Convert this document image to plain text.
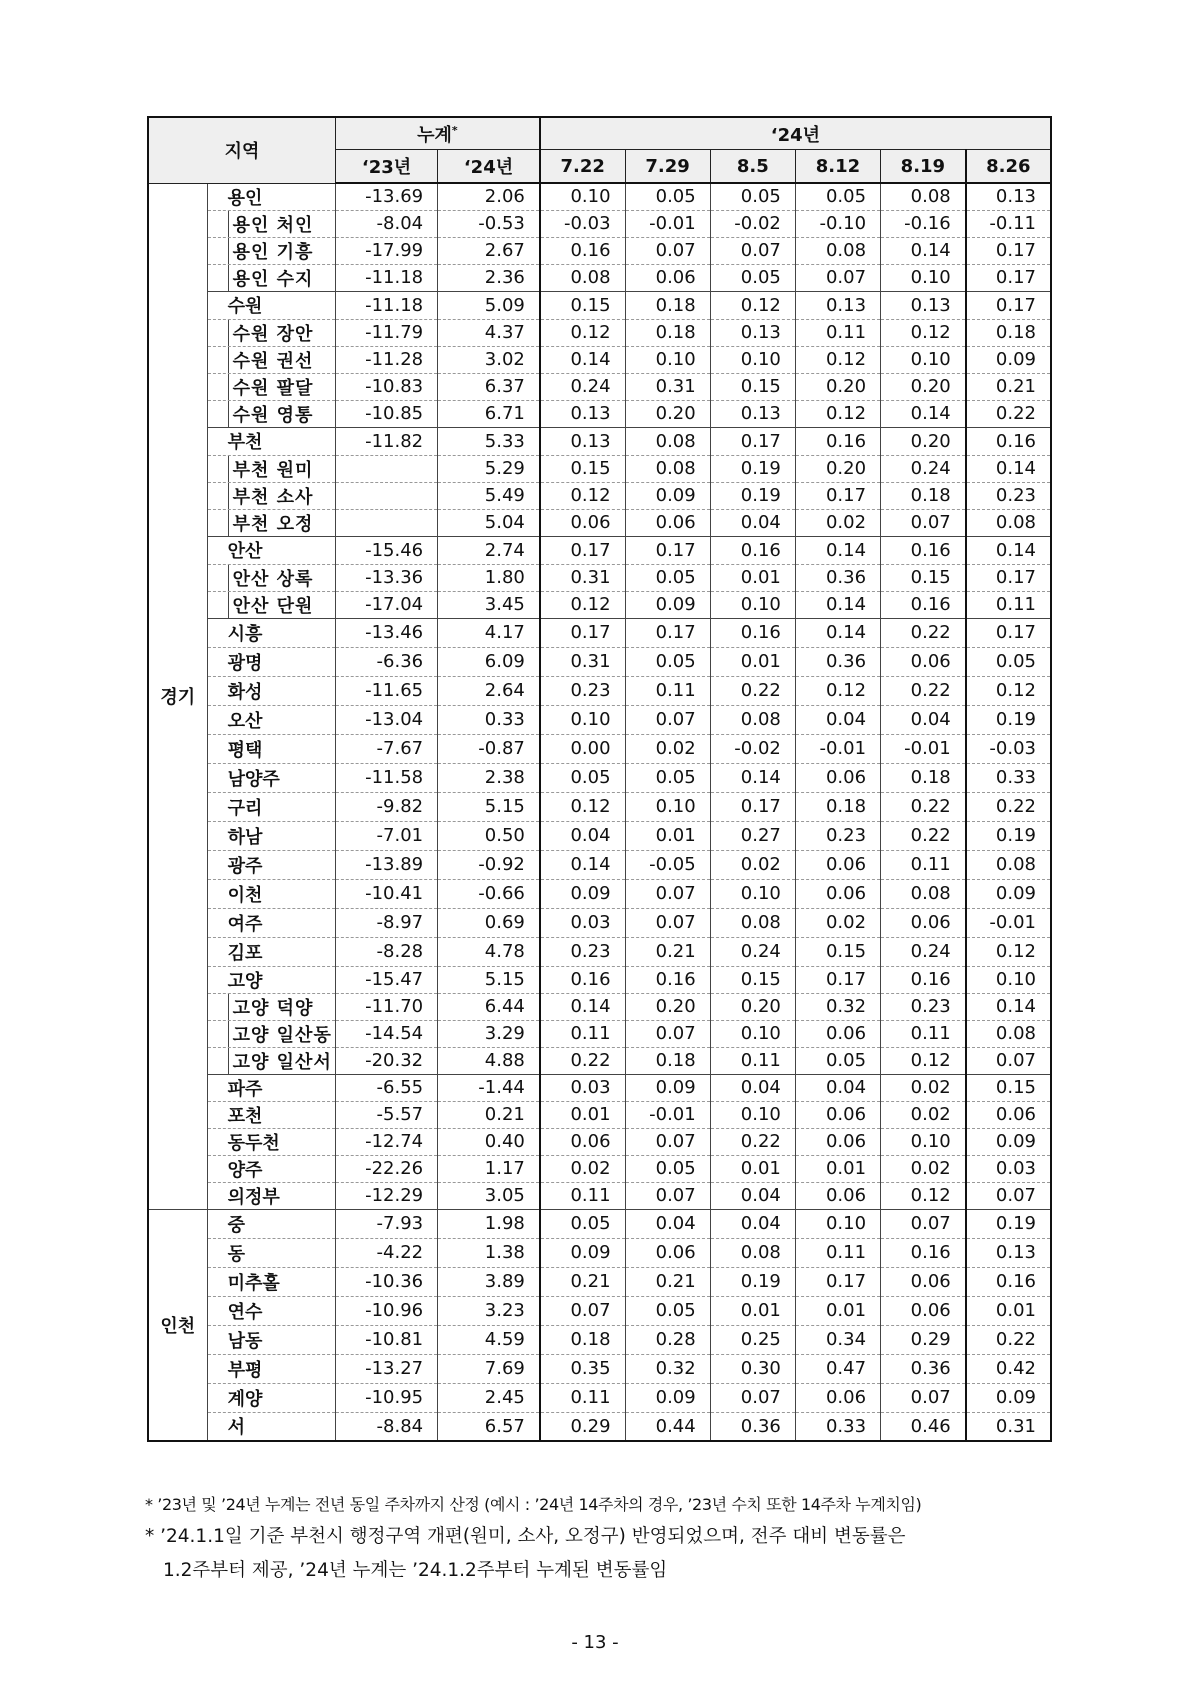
지역		누계*		‘24년					
		‘23년	‘24년	7.22	7.29	8.5	8.12	8.19	8.26
경기	용인	-13.69	2.06	0.10	0.05	0.05	0.05	0.08	0.13
	용인 처인	-8.04	-0.53	-0.03	-0.01	-0.02	-0.10	-0.16	-0.11
	용인 기흥	-17.99	2.67	0.16	0.07	0.07	0.08	0.14	0.17
	용인 수지	-11.18	2.36	0.08	0.06	0.05	0.07	0.10	0.17
	수원	-11.18	5.09	0.15	0.18	0.12	0.13	0.13	0.17
	수원 장안	-11.79	4.37	0.12	0.18	0.13	0.11	0.12	0.18
	수원 권선	-11.28	3.02	0.14	0.10	0.10	0.12	0.10	0.09
	수원 팔달	-10.83	6.37	0.24	0.31	0.15	0.20	0.20	0.21
	수원 영통	-10.85	6.71	0.13	0.20	0.13	0.12	0.14	0.22
	부천	-11.82	5.33	0.13	0.08	0.17	0.16	0.20	0.16
	부천 원미		5.29	0.15	0.08	0.19	0.20	0.24	0.14
	부천 소사		5.49	0.12	0.09	0.19	0.17	0.18	0.23
	부천 오정		5.04	0.06	0.06	0.04	0.02	0.07	0.08
	안산	-15.46	2.74	0.17	0.17	0.16	0.14	0.16	0.14
	안산 상록	-13.36	1.80	0.31	0.05	0.01	0.36	0.15	0.17
	안산 단원	-17.04	3.45	0.12	0.09	0.10	0.14	0.16	0.11
	시흥	-13.46	4.17	0.17	0.17	0.16	0.14	0.22	0.17
	광명	-6.36	6.09	0.31	0.05	0.01	0.36	0.06	0.05
	화성	-11.65	2.64	0.23	0.11	0.22	0.12	0.22	0.12
	오산	-13.04	0.33	0.10	0.07	0.08	0.04	0.04	0.19
	평택	-7.67	-0.87	0.00	0.02	-0.02	-0.01	-0.01	-0.03
	남양주	-11.58	2.38	0.05	0.05	0.14	0.06	0.18	0.33
	구리	-9.82	5.15	0.12	0.10	0.17	0.18	0.22	0.22
	하남	-7.01	0.50	0.04	0.01	0.27	0.23	0.22	0.19
	광주	-13.89	-0.92	0.14	-0.05	0.02	0.06	0.11	0.08
	이천	-10.41	-0.66	0.09	0.07	0.10	0.06	0.08	0.09
	여주	-8.97	0.69	0.03	0.07	0.08	0.02	0.06	-0.01
	김포	-8.28	4.78	0.23	0.21	0.24	0.15	0.24	0.12
	고양	-15.47	5.15	0.16	0.16	0.15	0.17	0.16	0.10
	고양 덕양	-11.70	6.44	0.14	0.20	0.20	0.32	0.23	0.14
	고양 일산동	-14.54	3.29	0.11	0.07	0.10	0.06	0.11	0.08
	고양 일산서	-20.32	4.88	0.22	0.18	0.11	0.05	0.12	0.07
	파주	-6.55	-1.44	0.03	0.09	0.04	0.04	0.02	0.15
	포천	-5.57	0.21	0.01	-0.01	0.10	0.06	0.02	0.06
	동두천	-12.74	0.40	0.06	0.07	0.22	0.06	0.10	0.09
	양주	-22.26	1.17	0.02	0.05	0.01	0.01	0.02	0.03
	의정부	-12.29	3.05	0.11	0.07	0.04	0.06	0.12	0.07
인천	중	-7.93	1.98	0.05	0.04	0.04	0.10	0.07	0.19
	동	-4.22	1.38	0.09	0.06	0.08	0.11	0.16	0.13
	미추홀	-10.36	3.89	0.21	0.21	0.19	0.17	0.06	0.16
	연수	-10.96	3.23	0.07	0.05	0.01	0.01	0.06	0.01
	남동	-10.81	4.59	0.18	0.28	0.25	0.34	0.29	0.22
	부평	-13.27	7.69	0.35	0.32	0.30	0.47	0.36	0.42
	계양	-10.95	2.45	0.11	0.09	0.07	0.06	0.07	0.09
	서	-8.84	6.57	0.29	0.44	0.36	0.33	0.46	0.31
* ’23년 및 ’24년 누계는 전년 동일 주차까지 산정 (예시 : ’24년 14주차의 경우, ’23년 수치 또한 14주차 누계치임)
* ’24.1.1일 기준 부천시 행정구역 개편(원미, 소사, 오정구) 반영되었으며, 전주 대비 변동률은
1.2주부터 제공, ’24년 누계는 ’24.1.2주부터 누계된 변동률임
- 13 -
